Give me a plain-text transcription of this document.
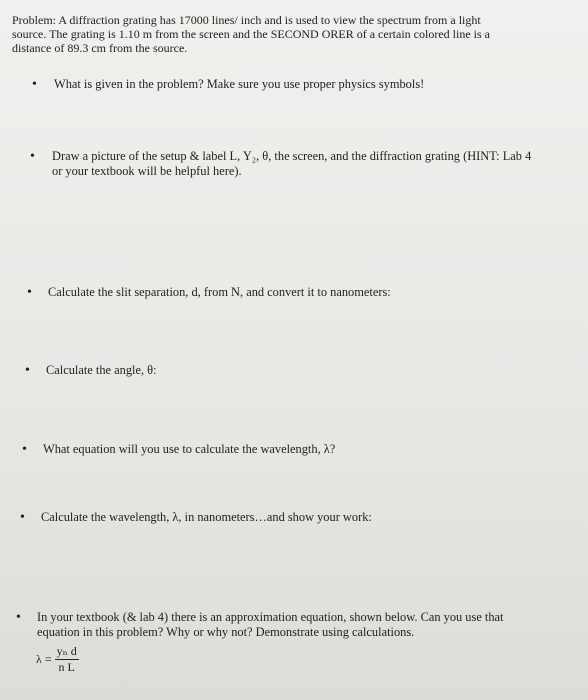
Problem: A diffraction grating has 17000 lines/ inch and is used to view the spectrum from a light
source. The grating is 1.10 m from the screen and the SECOND ORER of a certain colored line is a
distance of 89.3 cm from the source.
• What is given in the problem? Make sure you use proper physics symbols!
• Draw a picture of the setup & label L, Y₂, θ, the screen, and the diffraction grating (HINT: Lab 4
or your textbook will be helpful here).
• Calculate the slit separation, d, from N, and convert it to nanometers:
• Calculate the angle, θ:
• What equation will you use to calculate the wavelength, λ?
• Calculate the wavelength, λ, in nanometers…and show your work:
• In your textbook (& lab 4) there is an approximation equation, shown below. Can you use that
equation in this problem? Why or why not? Demonstrate using calculations.
$\lambda = \frac{\text{yₙ d}}{\text{n L}}$
